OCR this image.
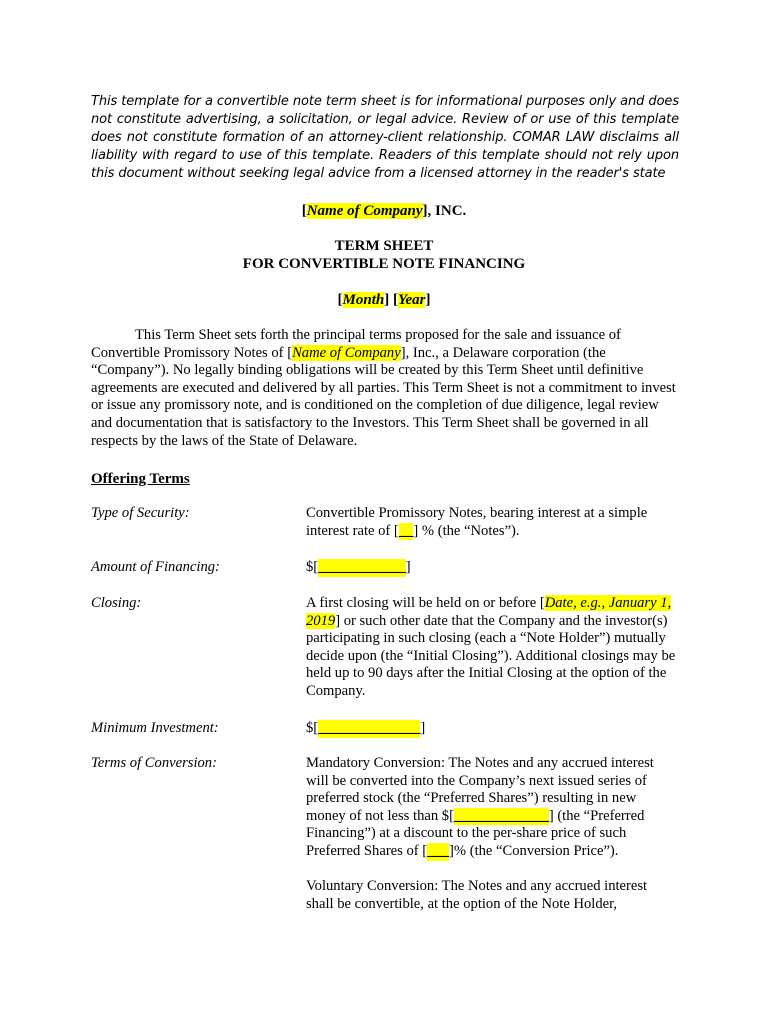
This template for a convertible note term sheet is for informational purposes only and does not constitute advertising, a solicitation, or legal advice. Review of or use of this template does not constitute formation of an attorney-client relationship. COMAR LAW disclaims all liability with regard to use of this template. Readers of this template should not rely upon this document without seeking legal advice from a licensed attorney in the reader's state
[Name of Company], INC.
TERM SHEET
FOR CONVERTIBLE NOTE FINANCING
[Month] [Year]
This Term Sheet sets forth the principal terms proposed for the sale and issuance of Convertible Promissory Notes of [Name of Company], Inc., a Delaware corporation (the “Company”). No legally binding obligations will be created by this Term Sheet until definitive agreements are executed and delivered by all parties. This Term Sheet is not a commitment to invest or issue any promissory note, and is conditioned on the completion of due diligence, legal review and documentation that is satisfactory to the Investors. This Term Sheet shall be governed in all respects by the laws of the State of Delaware.
Offering Terms
Type of Security:	Convertible Promissory Notes, bearing interest at a simple interest rate of [__] % (the “Notes”).
Amount of Financing:	$[____________]
Closing:	A first closing will be held on or before [Date, e.g., January 1, 2019] or such other date that the Company and the investor(s) participating in such closing (each a “Note Holder”) mutually decide upon (the “Initial Closing”). Additional closings may be held up to 90 days after the Initial Closing at the option of the Company.
Minimum Investment:	$[______________]
Terms of Conversion:	Mandatory Conversion: The Notes and any accrued interest will be converted into the Company’s next issued series of preferred stock (the “Preferred Shares”) resulting in new money of not less than $[_____________] (the “Preferred Financing”) at a discount to the per-share price of such Preferred Shares of [___]% (the “Conversion Price”).

Voluntary Conversion: The Notes and any accrued interest shall be convertible, at the option of the Note Holder,
